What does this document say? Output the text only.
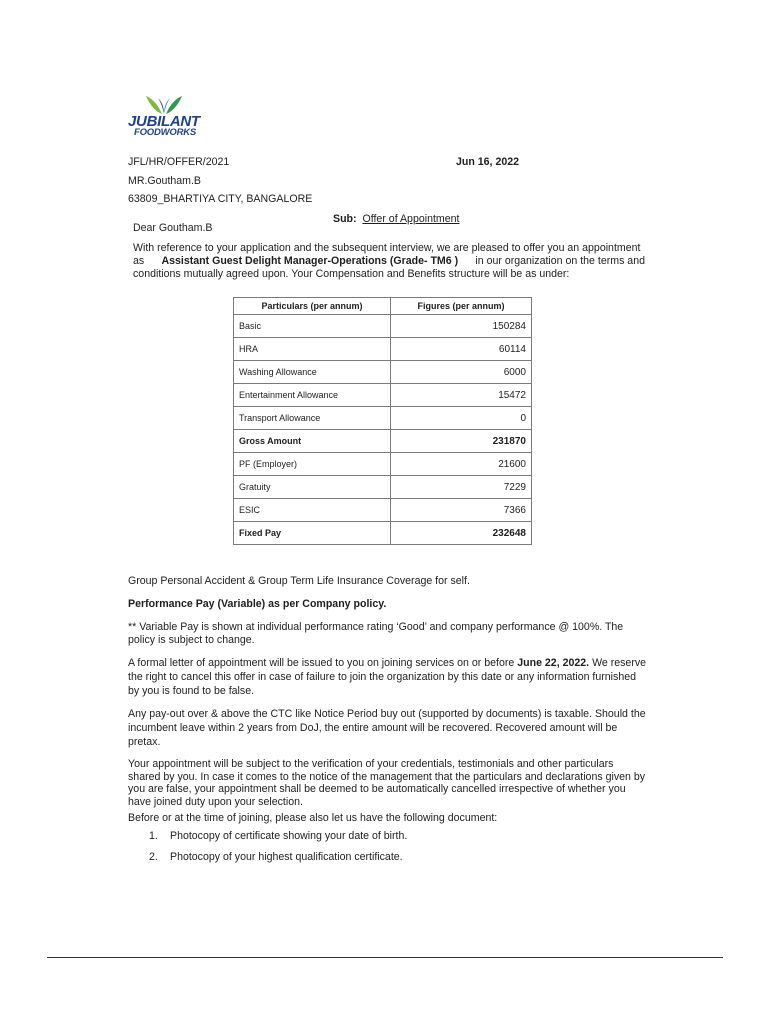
JUBILANT
FOODWORKS
JFL/HR/OFFER/2021	Jun 16, 2022
MR.Goutham.B
63809_BHARTIYA CITY, BANGALORE
Sub: Offer of Appointment
Dear Goutham.B
With reference to your application and the subsequent interview, we are pleased to offer you an appointment
as Assistant Guest Delight Manager-Operations (Grade- TM6 ) in our organization on the terms and
conditions mutually agreed upon. Your Compensation and Benefits structure will be as under:
Particulars (per annum)	Figures (per annum)
Basic	150284
HRA	60114
Washing Allowance	6000
Entertainment Allowance	15472
Transport Allowance	0
Gross Amount	231870
PF (Employer)	21600
Gratuity	7229
ESIC	7366
Fixed Pay	232648
Group Personal Accident & Group Term Life Insurance Coverage for self.
Performance Pay (Variable) as per Company policy.
** Variable Pay is shown at individual performance rating ‘Good’ and company performance @ 100%. The
policy is subject to change.
A formal letter of appointment will be issued to you on joining services on or before June 22, 2022. We reserve
the right to cancel this offer in case of failure to join the organization by this date or any information furnished
by you is found to be false.
Any pay-out over & above the CTC like Notice Period buy out (supported by documents) is taxable. Should the
incumbent leave within 2 years from DoJ, the entire amount will be recovered. Recovered amount will be
pretax.
Your appointment will be subject to the verification of your credentials, testimonials and other particulars
shared by you. In case it comes to the notice of the management that the particulars and declarations given by
you are false, your appointment shall be deemed to be automatically cancelled irrespective of whether you
have joined duty upon your selection.
Before or at the time of joining, please also let us have the following document:
1. Photocopy of certificate showing your date of birth.
2. Photocopy of your highest qualification certificate.
